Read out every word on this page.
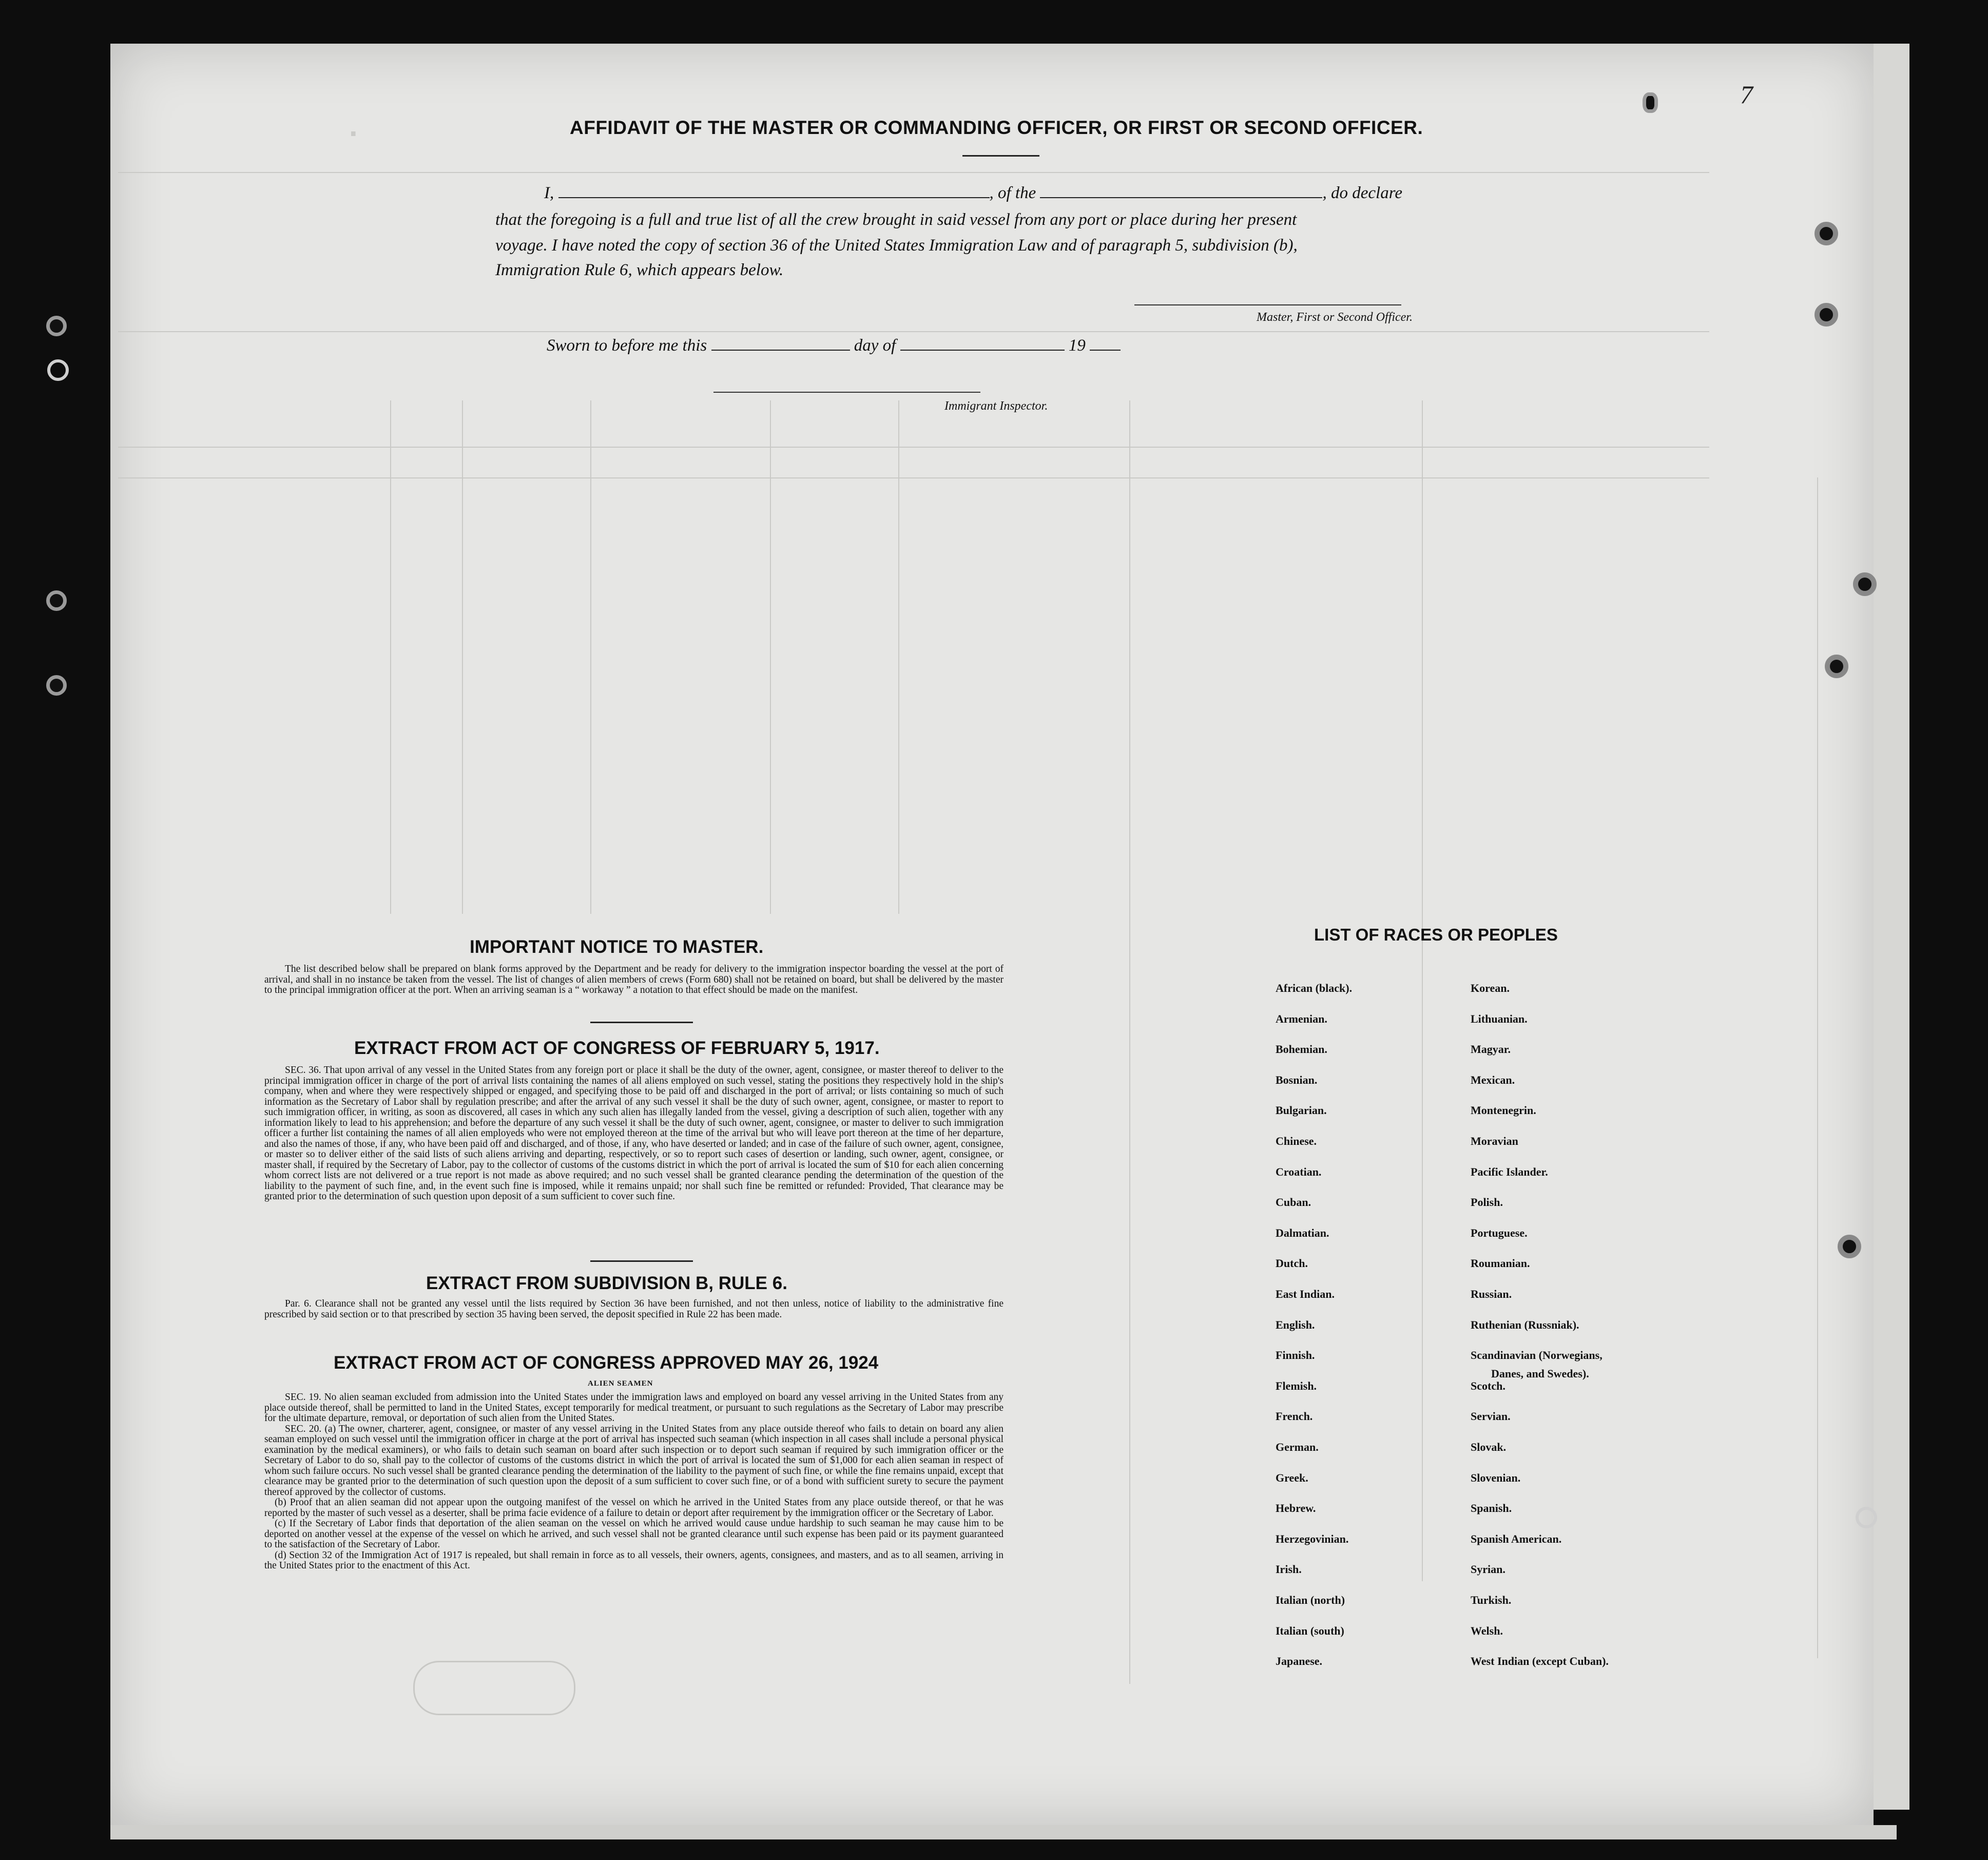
.
7
AFFIDAVIT OF THE MASTER OR COMMANDING OFFICER, OR FIRST OR SECOND OFFICER.
I,	, of the	, do declare
that the foregoing is a full and true list of all the crew brought in said vessel from any port or place during her present
voyage. I have noted the copy of section 36 of the United States Immigration Law and of paragraph 5, subdivision (b),
Immigration Rule 6, which appears below.
Master, First or Second Officer.
Sworn to before me this	day of	19
Immigrant Inspector.
IMPORTANT NOTICE TO MASTER.
The list described below shall be prepared on blank forms approved by the Department and be ready for delivery to the immigration inspector boarding the vessel at the port of arrival, and shall in no instance be taken from the vessel. The list of changes of alien members of crews (Form 680) shall not be retained on board, but shall be delivered by the master to the principal immigration officer at the port. When an arriving seaman is a “ workaway ” a notation to that effect should be made on the manifest.
EXTRACT FROM ACT OF CONGRESS OF FEBRUARY 5, 1917.
SEC. 36. That upon arrival of any vessel in the United States from any foreign port or place it shall be the duty of the owner, agent, consignee, or master thereof to deliver to the principal immigration officer in charge of the port of arrival lists containing the names of all aliens employed on such vessel, stating the positions they respectively hold in the ship's company, when and where they were respectively shipped or engaged, and specifying those to be paid off and discharged in the port of arrival; or lists containing so much of such information as the Secretary of Labor shall by regulation prescribe; and after the arrival of any such vessel it shall be the duty of such owner, agent, consignee, or master to report to such immigration officer, in writing, as soon as discovered, all cases in which any such alien has illegally landed from the vessel, giving a description of such alien, together with any information likely to lead to his apprehension; and before the departure of any such vessel it shall be the duty of such owner, agent, consignee, or master to deliver to such immigration officer a further list containing the names of all alien employeds who were not employed thereon at the time of the arrival but who will leave port thereon at the time of her departure, and also the names of those, if any, who have been paid off and discharged, and of those, if any, who have deserted or landed; and in case of the failure of such owner, agent, consignee, or master so to deliver either of the said lists of such aliens arriving and departing, respectively, or so to report such cases of desertion or landing, such owner, agent, consignee, or master shall, if required by the Secretary of Labor, pay to the collector of customs of the customs district in which the port of arrival is located the sum of $10 for each alien concerning whom correct lists are not delivered or a true report is not made as above required; and no such vessel shall be granted clearance pending the determination of the question of the liability to the payment of such fine, and, in the event such fine is imposed, while it remains unpaid; nor shall such fine be remitted or refunded: Provided, That clearance may be granted prior to the determination of such question upon deposit of a sum sufficient to cover such fine.
EXTRACT FROM SUBDIVISION B, RULE 6.
Par. 6. Clearance shall not be granted any vessel until the lists required by Section 36 have been furnished, and not then unless, notice of liability to the administrative fine prescribed by said section or to that prescribed by section 35 having been served, the deposit specified in Rule 22 has been made.
EXTRACT FROM ACT OF CONGRESS APPROVED MAY 26, 1924
ALIEN SEAMEN

SEC. 19. No alien seaman excluded from admission into the United States under the immigration laws and employed on board any vessel arriving in the United States from any place outside thereof, shall be permitted to land in the United States, except temporarily for medical treatment, or pursuant to such regulations as the Secretary of Labor may prescribe for the ultimate departure, removal, or deportation of such alien from the United States.

SEC. 20. (a) The owner, charterer, agent, consignee, or master of any vessel arriving in the United States from any place outside thereof who fails to detain on board any alien seaman employed on such vessel until the immigration officer in charge at the port of arrival has inspected such seaman (which inspection in all cases shall include a personal physical examination by the medical examiners), or who fails to detain such seaman on board after such inspection or to deport such seaman if required by such immigration officer or the Secretary of Labor to do so, shall pay to the collector of customs of the customs district in which the port of arrival is located the sum of $1,000 for each alien seaman in respect of whom such failure occurs. No such vessel shall be granted clearance pending the determination of the liability to the payment of such fine, or while the fine remains unpaid, except that clearance may be granted prior to the determination of such question upon the deposit of a sum sufficient to cover such fine, or of a bond with sufficient surety to secure the payment thereof approved by the collector of customs.

(b) Proof that an alien seaman did not appear upon the outgoing manifest of the vessel on which he arrived in the United States from any place outside thereof, or that he was reported by the master of such vessel as a deserter, shall be prima facie evidence of a failure to detain or deport after requirement by the immigration officer or the Secretary of Labor.

(c) If the Secretary of Labor finds that deportation of the alien seaman on the vessel on which he arrived would cause undue hardship to such seaman he may cause him to be deported on another vessel at the expense of the vessel on which he arrived, and such vessel shall not be granted clearance until such expense has been paid or its payment guaranteed to the satisfaction of the Secretary of Labor.

(d) Section 32 of the Immigration Act of 1917 is repealed, but shall remain in force as to all vessels, their owners, agents, consignees, and masters, and as to all seamen, arriving in the United States prior to the enactment of this Act.

LIST OF RACES OR PEOPLES
African (black).
Armenian.
Bohemian.
Bosnian.
Bulgarian.
Chinese.
Croatian.
Cuban.
Dalmatian.
Dutch.
East Indian.
English.
Finnish.
Flemish.
French.
German.
Greek.
Hebrew.
Herzegovinian.
Irish.
Italian (north)
Italian (south)
Japanese.
Korean.
Lithuanian.
Magyar.
Mexican.
Montenegrin.
Moravian
Pacific Islander.
Polish.
Portuguese.
Roumanian.
Russian.
Ruthenian (Russniak).
Scandinavian (Norwegians,
Scotch.
Servian.
Slovak.
Slovenian.
Spanish.
Spanish American.
Syrian.
Turkish.
Welsh.
West Indian (except Cuban).
Danes, and Swedes).
